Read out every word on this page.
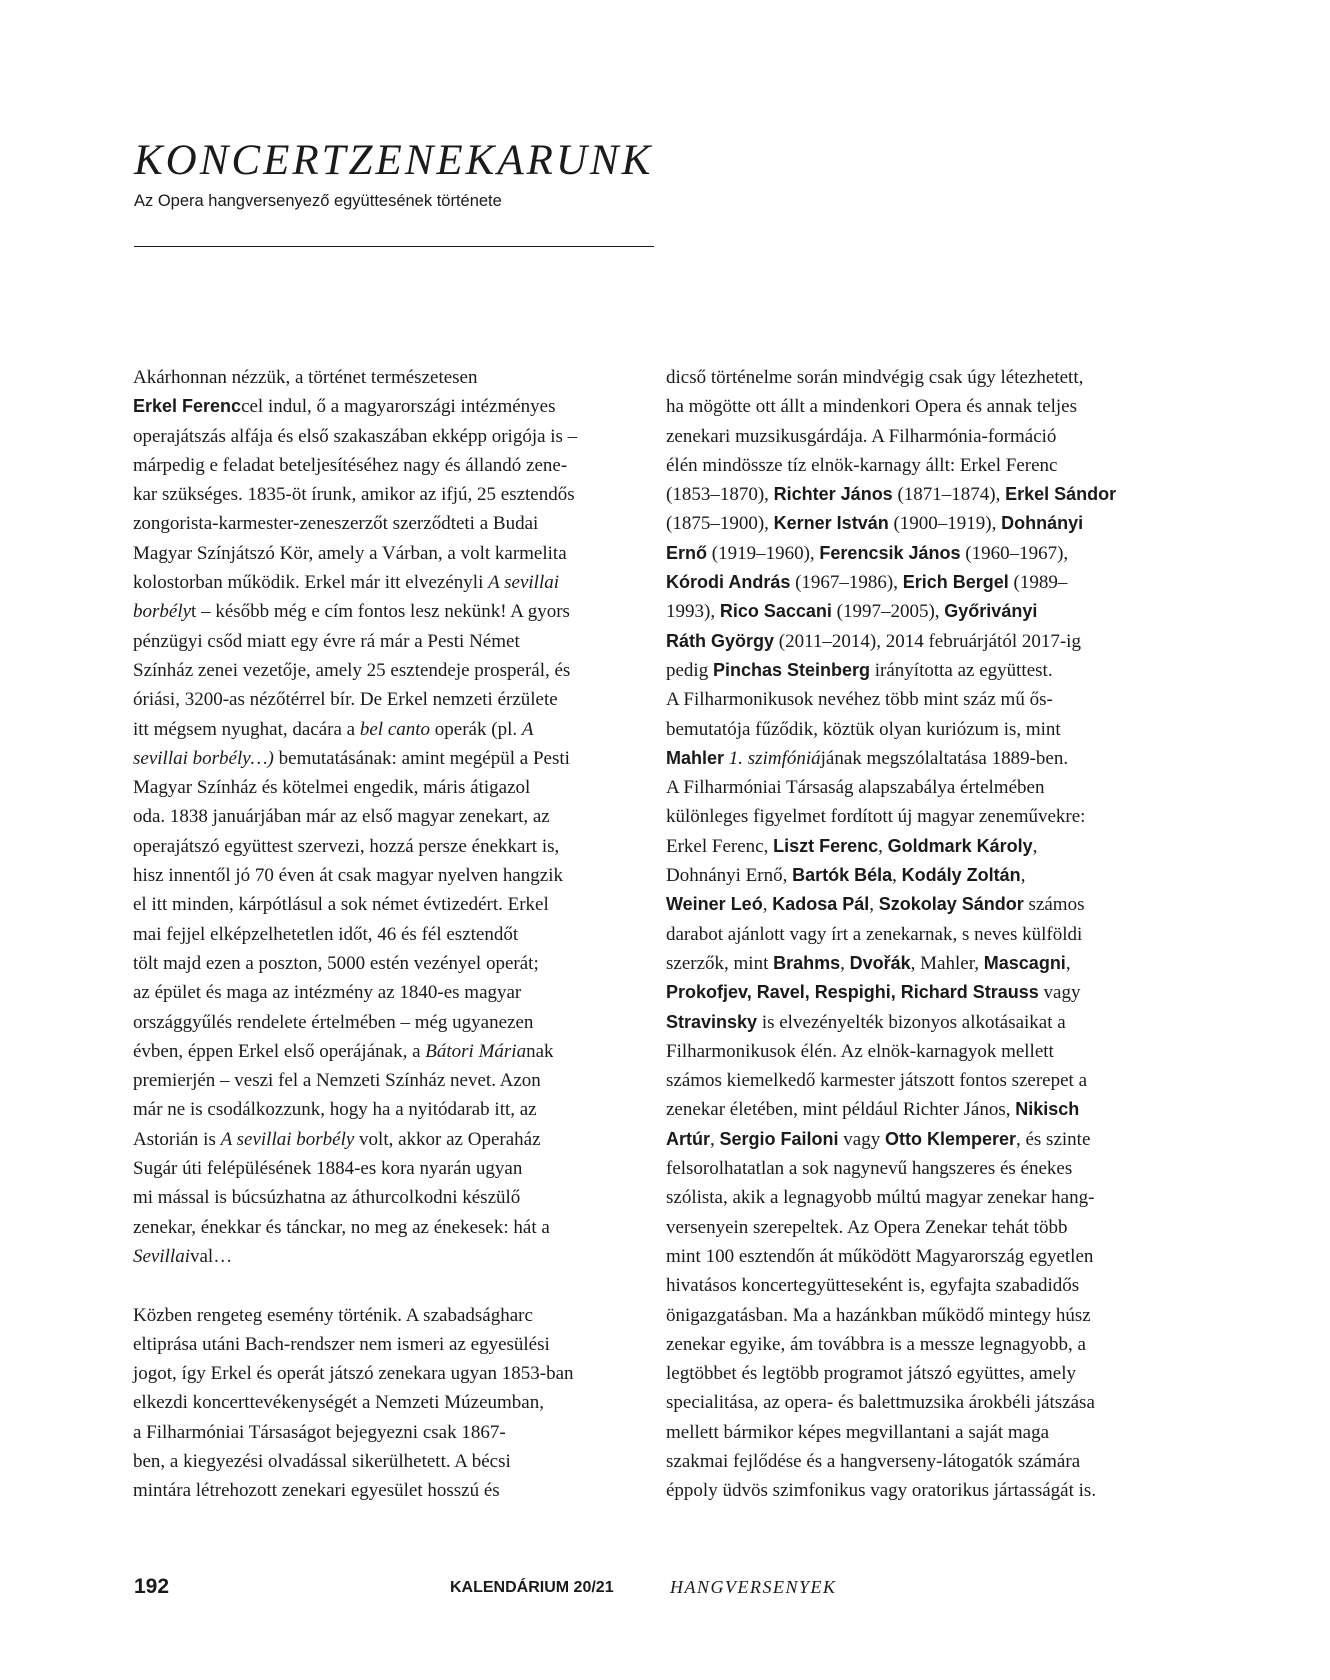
KONCERTZENEKARUNK
Az Opera hangversenyező együttesének története
Akárhonnan nézzük, a történet természetesen
Erkel Ferenccel indul, ő a magyarországi intézményes
operajátszás alfája és első szakaszában ekképp origója is –
márpedig e feladat beteljesítéséhez nagy és állandó zene-
kar szükséges. 1835-öt írunk, amikor az ifjú, 25 esztendős
zongorista-karmester-zeneszerzőt szerződteti a Budai
Magyar Színjátszó Kör, amely a Várban, a volt karmelita
kolostorban működik. Erkel már itt elvezényli A sevillai
borbélyt – később még e cím fontos lesz nekünk! A gyors
pénzügyi csőd miatt egy évre rá már a Pesti Német
Színház zenei vezetője, amely 25 esztendeje prosperál, és
óriási, 3200-as nézőtérrel bír. De Erkel nemzeti érzülete
itt mégsem nyughat, dacára a bel canto operák (pl. A
sevillai borbély…) bemutatásának: amint megépül a Pesti
Magyar Színház és kötelmei engedik, máris átigazol
oda. 1838 januárjában már az első magyar zenekart, az
operajátszó együttest szervezi, hozzá persze énekkart is,
hisz innentől jó 70 éven át csak magyar nyelven hangzik
el itt minden, kárpótlásul a sok német évtizedért. Erkel
mai fejjel elképzelhetetlen időt, 46 és fél esztendőt
tölt majd ezen a poszton, 5000 estén vezényel operát;
az épület és maga az intézmény az 1840-es magyar
országgyűlés rendelete értelmében – még ugyanezen
évben, éppen Erkel első operájának, a Bátori Márianak
premierjén – veszi fel a Nemzeti Színház nevet. Azon
már ne is csodálkozzunk, hogy ha a nyitódarab itt, az
Astorián is A sevillai borbély volt, akkor az Operaház
Sugár úti felépülésének 1884-es kora nyarán ugyan
mi mással is búcsúzhatna az áthurcolkodni készülő
zenekar, énekkar és tánckar, no meg az énekesek: hát a
Sevillaival…
Közben rengeteg esemény történik. A szabadságharc
eltiprása utáni Bach-rendszer nem ismeri az egyesülési
jogot, így Erkel és operát játszó zenekara ugyan 1853-ban
elkezdi koncerttevékenységét a Nemzeti Múzeumban,
a Filharmóniai Társaságot bejegyezni csak 1867-
ben, a kiegyezési olvadással sikerülhetett. A bécsi
mintára létrehozott zenekari egyesület hosszú és
dicső történelme során mindvégig csak úgy létezhetett,
ha mögötte ott állt a mindenkori Opera és annak teljes
zenekari muzsikusgárdája. A Filharmónia-formáció
élén mindössze tíz elnök-karnagy állt: Erkel Ferenc
(1853–1870), Richter János (1871–1874), Erkel Sándor
(1875–1900), Kerner István (1900–1919), Dohnányi
Ernő (1919–1960), Ferencsik János (1960–1967),
Kórodi András (1967–1986), Erich Bergel (1989–
1993), Rico Saccani (1997–2005), Győriványi
Ráth György (2011–2014), 2014 februárjától 2017-ig
pedig Pinchas Steinberg irányította az együttest.
A Filharmonikusok nevéhez több mint száz mű ős-
bemutatója fűződik, köztük olyan kuriózum is, mint
Mahler 1. szimfóniájának megszólaltatása 1889-ben.
A Filharmóniai Társaság alapszabálya értelmében
különleges figyelmet fordított új magyar zeneművekre:
Erkel Ferenc, Liszt Ferenc, Goldmark Károly,
Dohnányi Ernő, Bartók Béla, Kodály Zoltán,
Weiner Leó, Kadosa Pál, Szokolay Sándor számos
darabot ajánlott vagy írt a zenekarnak, s neves külföldi
szerzők, mint Brahms, Dvořák, Mahler, Mascagni,
Prokofjev, Ravel, Respighi, Richard Strauss vagy
Stravinsky is elvezényelték bizonyos alkotásaikat a
Filharmonikusok élén. Az elnök-karnagyok mellett
számos kiemelkedő karmester játszott fontos szerepet a
zenekar életében, mint például Richter János, Nikisch
Artúr, Sergio Failoni vagy Otto Klemperer, és szinte
felsorolhatatlan a sok nagynevű hangszeres és énekes
szólista, akik a legnagyobb múltú magyar zenekar hang-
versenyein szerepeltek. Az Opera Zenekar tehát több
mint 100 esztendőn át működött Magyarország egyetlen
hivatásos koncertegyütteseként is, egyfajta szabadidős
önigazgatásban. Ma a hazánkban működő mintegy húsz
zenekar egyike, ám továbbra is a messze legnagyobb, a
legtöbbet és legtöbb programot játszó együttes, amely
specialitása, az opera- és balettmuzsika árokbéli játszása
mellett bármikor képes megvillantani a saját maga
szakmai fejlődése és a hangverseny-látogatók számára
éppoly üdvös szimfonikus vagy oratorikus jártasságát is.
192	KALENDÁRIUM 20/21	HANGVERSENYEK
